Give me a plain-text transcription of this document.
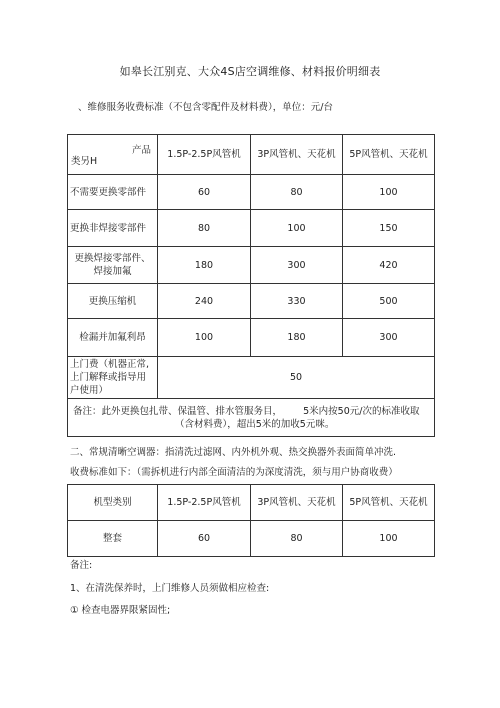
如皋长江别克、大众4S店空调维修、材料报价明细表
、维修服务收费标准（不包含零配件及材料费），单位：元/台
产品
类另H	1.5P-2.5P风管机	3P风管机、天花机	5P风管机、天花机
不需要更换零部件	60	80	100
更换非焊接零部件	80	100	150
更换焊接零部件、焊接加氟	180	300	420
更换压缩机	240	330	500
检漏并加氟利昂	100	180	300
上门费（机器正常,上门解释或指导用户使用）	50		

备注：此外更换包扎带、保温管、排水管服务目，       5米内按50元/次的标准收取
（含材料费），超出5米的加收5元咪。			
二、常规清晰空调器：指清洗过滤网、内外机外观、热交换器外表面简单冲洗.
收费标准如下：（需拆机进行内部全面清洁的为深度清洗，须与用户协商收费）
机型类别	1.5P-2.5P风管机	3P风管机、天花机	5P风管机、天花机
整套	60	80	100
备注:
1、在清洗保养时，上门维修人员须做相应检查:
① 检查电器界限紧固性;
